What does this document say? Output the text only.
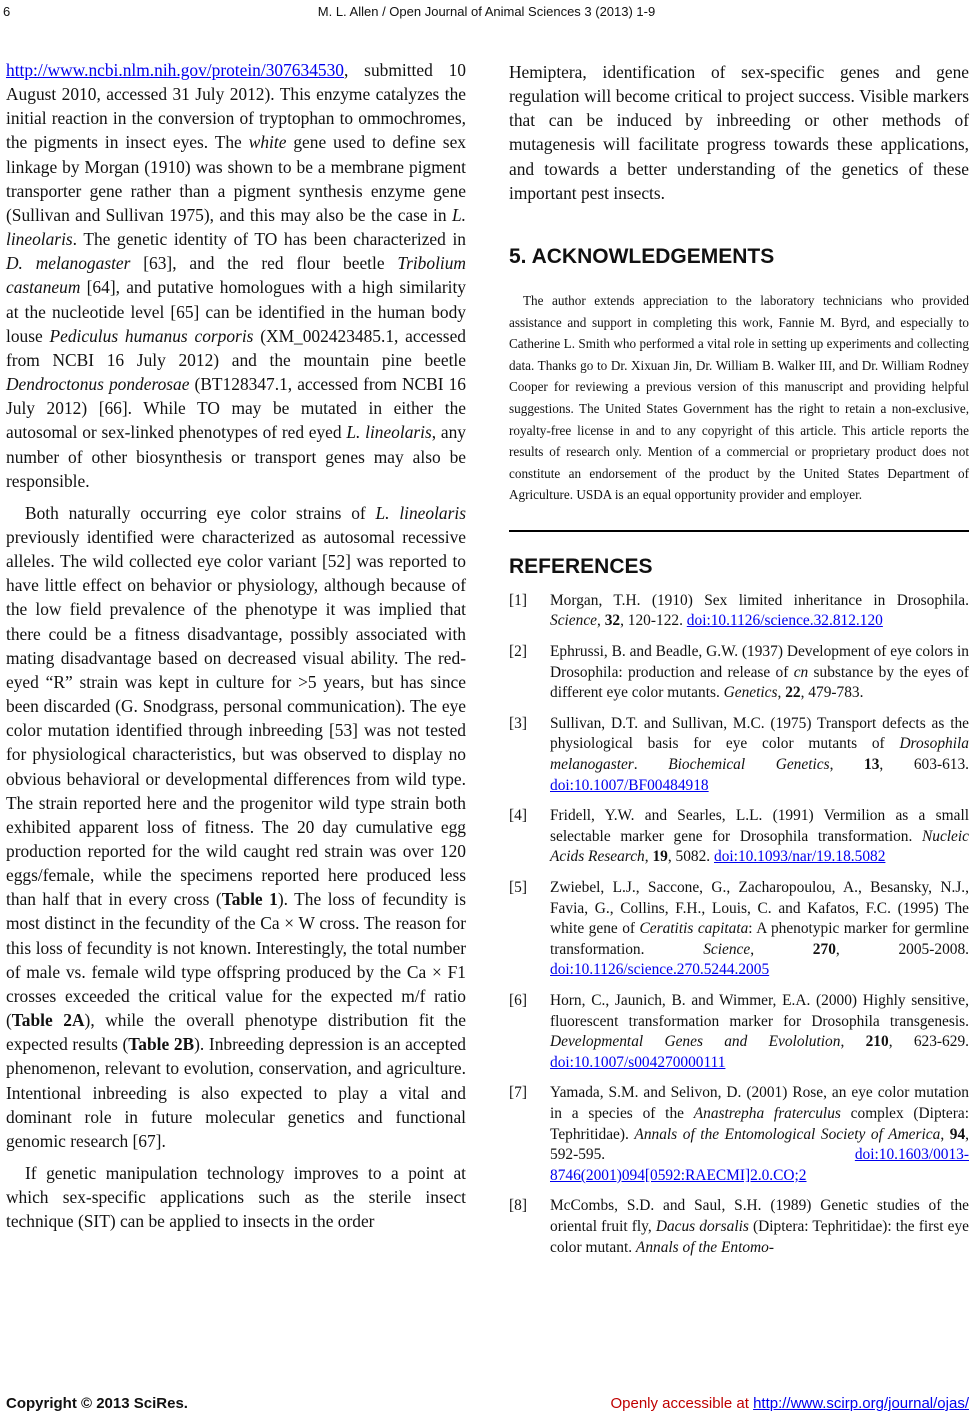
6	M. L. Allen / Open Journal of Animal Sciences 3 (2013) 1-9

http://www.ncbi.nlm.nih.gov/protein/307634530, submitted 10 August 2010, accessed 31 July 2012). This enzyme catalyzes the initial reaction in the conversion of tryptophan to ommochromes, the pigments in insect eyes. The white gene used to define sex linkage by Morgan (1910) was shown to be a membrane pigment transporter gene rather than a pigment synthesis enzyme gene (Sullivan and Sullivan 1975), and this may also be the case in L. lineolaris. The genetic identity of TO has been characterized in D. melanogaster [63], and the red flour beetle Tribolium castaneum [64], and putative homologues with a high similarity at the nucleotide level [65] can be identified in the human body louse Pediculus humanus corporis (XM_002423485.1, accessed from NCBI 16 July 2012) and the mountain pine beetle Dendroctonus ponderosae (BT128347.1, accessed from NCBI 16 July 2012) [66]. While TO may be mutated in either the autosomal or sex-linked phenotypes of red eyed L. lineolaris, any number of other biosynthesis or transport genes may also be responsible.

Both naturally occurring eye color strains of L. lineolaris previously identified were characterized as autosomal recessive alleles. The wild collected eye color variant [52] was reported to have little effect on behavior or physiology, although because of the low field prevalence of the phenotype it was implied that there could be a fitness disadvantage, possibly associated with mating disadvantage based on decreased visual ability. The red-eyed “R” strain was kept in culture for >5 years, but has since been discarded (G. Snodgrass, personal communication). The eye color mutation identified through inbreeding [53] was not tested for physiological characteristics, but was observed to display no obvious behavioral or developmental differences from wild type. The strain reported here and the progenitor wild type strain both exhibited apparent loss of fitness. The 20 day cumulative egg production reported for the wild caught red strain was over 120 eggs/female, while the specimens reported here produced less than half that in every cross (Table 1). The loss of fecundity is most distinct in the fecundity of the Ca × W cross. The reason for this loss of fecundity is not known. Interestingly, the total number of male vs. female wild type offspring produced by the Ca × F1 crosses exceeded the critical value for the expected m/f ratio (Table 2A), while the overall phenotype distribution fit the expected results (Table 2B). Inbreeding depression is an accepted phenomenon, relevant to evolution, conservation, and agriculture. Intentional inbreeding is also expected to play a vital and dominant role in future molecular genetics and functional genomic research [67].

If genetic manipulation technology improves to a point at which sex-specific applications such as the sterile insect technique (SIT) can be applied to insects in the order

Hemiptera, identification of sex-specific genes and gene regulation will become critical to project success. Visible markers that can be induced by inbreeding or other methods of mutagenesis will facilitate progress towards these applications, and towards a better understanding of the genetics of these important pest insects.

5. ACKNOWLEDGEMENTS

The author extends appreciation to the laboratory technicians who provided assistance and support in completing this work, Fannie M. Byrd, and especially to Catherine L. Smith who performed a vital role in setting up experiments and collecting data. Thanks go to Dr. Xixuan Jin, Dr. William B. Walker III, and Dr. William Rodney Cooper for reviewing a previous version of this manuscript and providing helpful suggestions. The United States Government has the right to retain a non-exclusive, royalty-free license in and to any copyright of this article. This article reports the results of research only. Mention of a commercial or proprietary product does not constitute an endorsement of the product by the United States Department of Agriculture. USDA is an equal opportunity provider and employer.

REFERENCES
[1]	Morgan, T.H. (1910) Sex limited inheritance in Drosophila. Science, 32, 120-122. doi:10.1126/science.32.812.120
[2]	Ephrussi, B. and Beadle, G.W. (1937) Development of eye colors in Drosophila: production and release of cn substance by the eyes of different eye color mutants. Genetics, 22, 479-783.
[3]	Sullivan, D.T. and Sullivan, M.C. (1975) Transport defects as the physiological basis for eye color mutants of Drosophila melanogaster. Biochemical Genetics, 13, 603-613. doi:10.1007/BF00484918
[4]	Fridell, Y.W. and Searles, L.L. (1991) Vermilion as a small selectable marker gene for Drosophila transformation. Nucleic Acids Research, 19, 5082. doi:10.1093/nar/19.18.5082
[5]	Zwiebel, L.J., Saccone, G., Zacharopoulou, A., Besansky, N.J., Favia, G., Collins, F.H., Louis, C. and Kafatos, F.C. (1995) The white gene of Ceratitis capitata: A phenotypic marker for germline transformation. Science, 270, 2005-2008. doi:10.1126/science.270.5244.2005
[6]	Horn, C., Jaunich, B. and Wimmer, E.A. (2000) Highly sensitive, fluorescent transformation marker for Drosophila transgenesis. Developmental Genes and Evololution, 210, 623-629. doi:10.1007/s004270000111
[7]	Yamada, S.M. and Selivon, D. (2001) Rose, an eye color mutation in a species of the Anastrepha fraterculus complex (Diptera: Tephritidae). Annals of the Entomological Society of America, 94, 592-595. doi:10.1603/0013-8746(2001)094[0592:RAECMI]2.0.CO;2
[8]	McCombs, S.D. and Saul, S.H. (1989) Genetic studies of the oriental fruit fly, Dacus dorsalis (Diptera: Tephritidae): the first eye color mutant. Annals of the Entomo-
Copyright © 2013 SciRes.	Openly accessible at http://www.scirp.org/journal/ojas/
